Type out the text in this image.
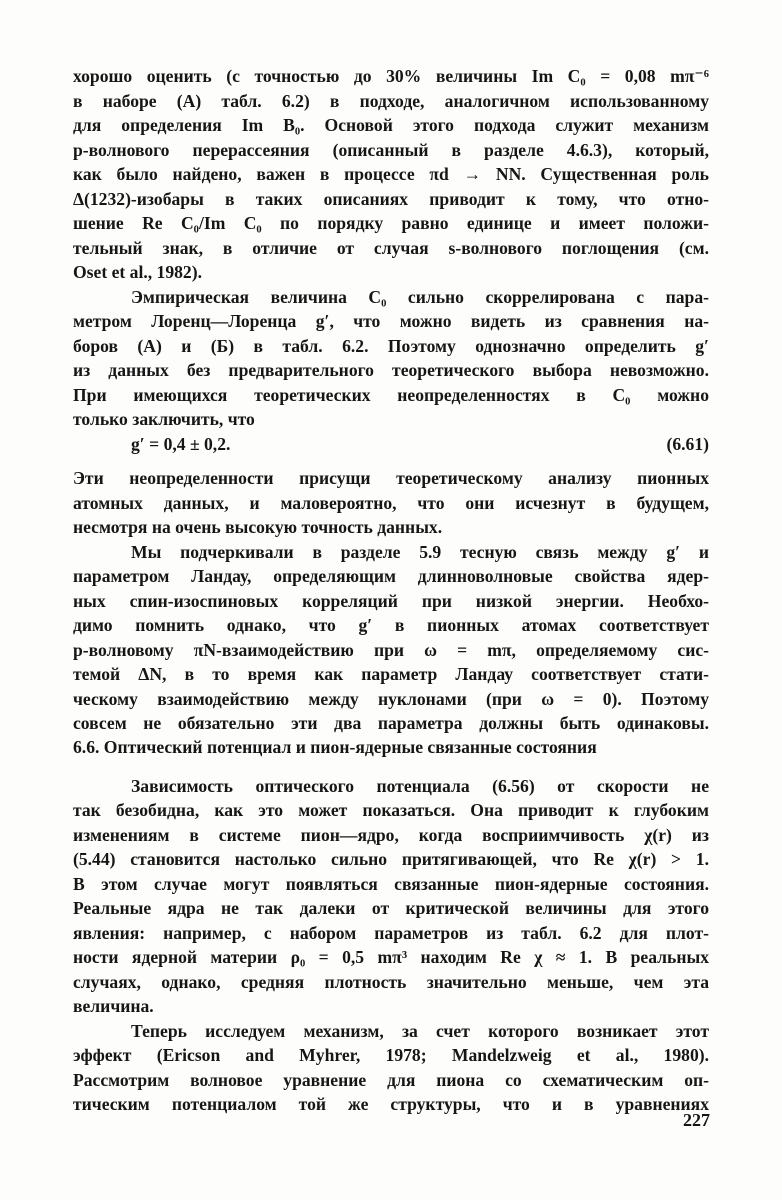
хорошо оценить (с точностью до 30% величины Im C₀ = 0,08 mπ⁻⁶
в наборе (А) табл. 6.2) в подходе, аналогичном использованному
для определения Im B₀. Основой этого подхода служит механизм
p-волнового перерассеяния (описанный в разделе 4.6.3), который,
как было найдено, важен в процессе πd → NN. Существенная роль
Δ(1232)-изобары в таких описаниях приводит к тому, что отно-
шение Re C₀/Im C₀ по порядку равно единице и имеет положи-
тельный знак, в отличие от случая s-волнового поглощения (см.
Oset et al., 1982).

Эмпирическая величина C₀ сильно скоррелирована с пара-
метром Лоренц—Лоренца g′, что можно видеть из сравнения на-
боров (А) и (Б) в табл. 6.2. Поэтому однозначно определить g′
из данных без предварительного теоретического выбора невозможно.
При имеющихся теоретических неопределенностях в C₀ можно
только заключить, что

g′ = 0,4 ± 0,2.	(6.61)

Эти неопределенности присущи теоретическому анализу пионных
атомных данных, и маловероятно, что они исчезнут в будущем,
несмотря на очень высокую точность данных.

Мы подчеркивали в разделе 5.9 тесную связь между g′ и
параметром Ландау, определяющим длинноволновые свойства ядер-
ных спин-изоспиновых корреляций при низкой энергии. Необхо-
димо помнить однако, что g′ в пионных атомах соответствует
p-волновому πN-взаимодействию при ω = mπ, определяемому сис-
темой ΔN, в то время как параметр Ландау соответствует стати-
ческому взаимодействию между нуклонами (при ω = 0). Поэтому
совсем не обязательно эти два параметра должны быть одинаковы.

6.6. Оптический потенциал и пион-ядерные связанные состояния

Зависимость оптического потенциала (6.56) от скорости не
так безобидна, как это может показаться. Она приводит к глубоким
изменениям в системе пион—ядро, когда восприимчивость χ(r) из
(5.44) становится настолько сильно притягивающей, что Re χ(r) > 1.
В этом случае могут появляться связанные пион-ядерные состояния.
Реальные ядра не так далеки от критической величины для этого
явления: например, с набором параметров из табл. 6.2 для плот-
ности ядерной материи ρ₀ = 0,5 mπ³ находим Re χ ≈ 1. В реальных
случаях, однако, средняя плотность значительно меньше, чем эта
величина.

Теперь исследуем механизм, за счет которого возникает этот
эффект (Ericson and Myhrer, 1978; Mandelzweig et al., 1980).
Рассмотрим волновое уравнение для пиона со схематическим оп-
тическим потенциалом той же структуры, что и в уравнениях

227
